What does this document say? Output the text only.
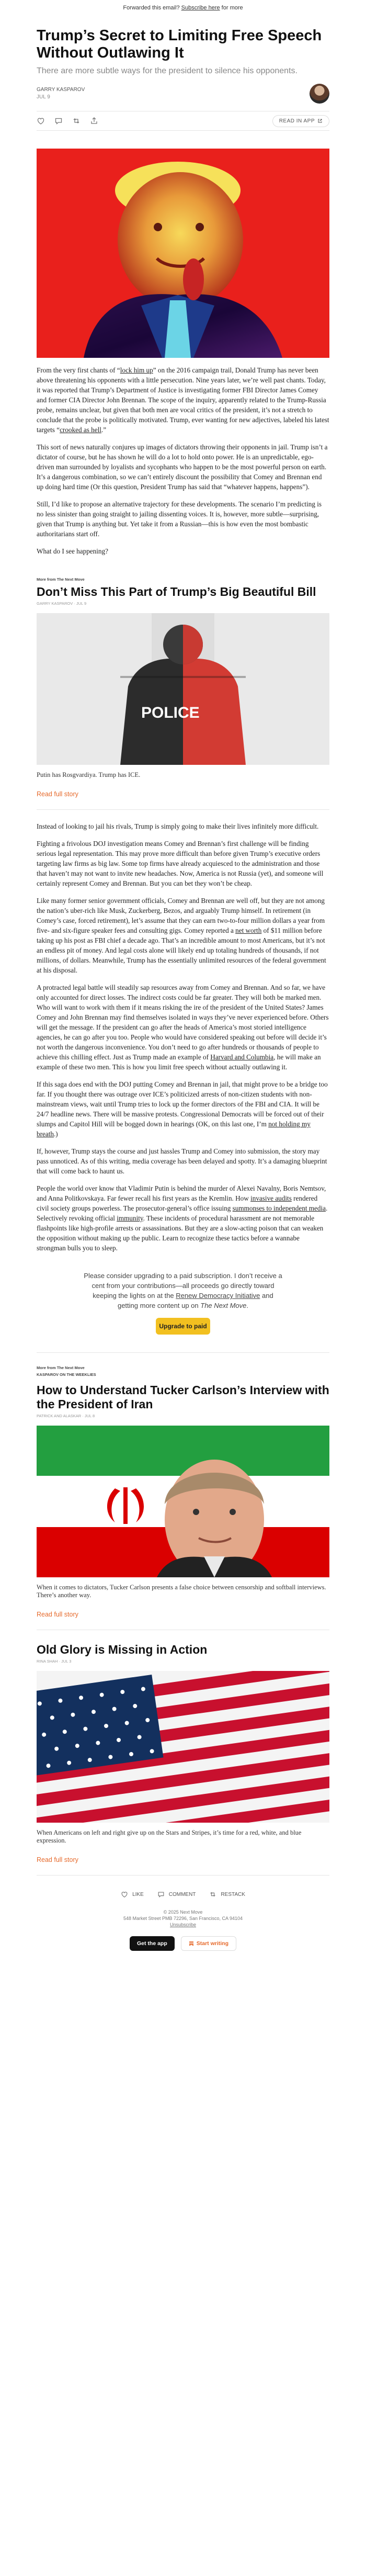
Forwarded this email? Subscribe here for more
Trump’s Secret to Limiting Free Speech Without Outlawing It

There are more subtle ways for the president to silence his opponents.

GARRY KASPAROV
JUL 9
READ IN APP

From the very first chants of “lock him up” on the 2016 campaign trail, Donald Trump has never been above threatening his opponents with a little persecution. Nine years later, we’re well past chants. Today, it was reported that Trump’s Department of Justice is investigating former FBI Director James Comey and former CIA Director John Brennan. The scope of the inquiry, apparently related to the Trump-Russia probe, remains unclear, but given that both men are vocal critics of the president, it’s not a stretch to conclude that the probe is politically motivated. Trump, ever wanting for new adjectives, labeled his latest targets “crooked as hell.”

This sort of news naturally conjures up images of dictators throwing their opponents in jail. Trump isn’t a dictator of course, but he has shown he will do a lot to hold onto power. He is an unpredictable, ego-driven man surrounded by loyalists and sycophants who happen to be the most powerful person on earth. It’s a dangerous combination, so we can’t entirely discount the possibility that Comey and Brennan end up doing hard time (Or this question, President Trump has said that “whatever happens, happens”).

Still, I’d like to propose an alternative trajectory for these developments. The scenario I’m predicting is no less sinister than going straight to jailing dissenting voices. It is, however, more subtle—surprising, given that Trump is anything but. Yet take it from a Russian—this is how even the most bombastic authoritarians start off.

What do I see happening?

More from The Next Move
Don’t Miss This Part of Trump’s Big Beautiful Bill
GARRY KASPAROV · JUL 9
POLICE

Putin has Rosgvardiya. Trump has ICE.

Read full story

Instead of looking to jail his rivals, Trump is simply going to make their lives infinitely more difficult.

Fighting a frivolous DOJ investigation means Comey and Brennan’s first challenge will be finding serious legal representation. This may prove more difficult than before given Trump’s executive orders targeting law firms as big law. Some top firms have already acquiesced to the administration and those that haven’t may not want to invite new headaches. Now, America is not Russia (yet), and someone will certainly represent Comey and Brennan. But you can bet they won’t be cheap.

Like many former senior government officials, Comey and Brennan are well off, but they are not among the nation’s uber-rich like Musk, Zuckerberg, Bezos, and arguably Trump himself. In retirement (in Comey’s case, forced retirement), let’s assume that they can earn two-to-four million dollars a year from five- and six-figure speaker fees and consulting gigs. Comey reported a net worth of $11 million before taking up his post as FBI chief a decade ago. That’s an incredible amount to most Americans, but it’s not an endless pit of money. And legal costs alone will likely end up totaling hundreds of thousands, if not millions, of dollars. Meanwhile, Trump has the essentially unlimited resources of the federal government at his disposal.

A protracted legal battle will steadily sap resources away from Comey and Brennan. And so far, we have only accounted for direct losses. The indirect costs could be far greater. They will both be marked men. Who will want to work with them if it means risking the ire of the president of the United States? James Comey and John Brennan may find themselves isolated in ways they’ve never experienced before. Others will get the message. If the president can go after the heads of America’s most storied intelligence agencies, he can go after you too. People who would have considered speaking out before will decide it’s not worth the dangerous inconvenience. You don’t need to go after hundreds or thousands of people to achieve this chilling effect. Just as Trump made an example of Harvard and Columbia, he will make an example of these two men. This is how you limit free speech without actually outlawing it.

If this saga does end with the DOJ putting Comey and Brennan in jail, that might prove to be a bridge too far. If you thought there was outrage over ICE’s politicized arrests of non-citizen students with non-mainstream views, wait until Trump tries to lock up the former directors of the FBI and CIA. It will be 24/7 headline news. There will be massive protests. Congressional Democrats will be forced out of their slumps and Capitol Hill will be bogged down in hearings (OK, on this last one, I’m not holding my breath.)

If, however, Trump stays the course and just hassles Trump and Comey into submission, the story may pass unnoticed. As of this writing, media coverage has been delayed and spotty. It’s a damaging blueprint that will come back to haunt us.

People the world over know that Vladimir Putin is behind the murder of Alexei Navalny, Boris Nemtsov, and Anna Politkovskaya. Far fewer recall his first years as the Kremlin. How invasive audits rendered civil society groups powerless. The prosecutor-general’s office issuing summonses to independent media. Selectively revoking official immunity. These incidents of procedural harassment are not memorable flashpoints like high-profile arrests or assassinations. But they are a slow-acting poison that can weaken the opposition without making up the public. Learn to recognize these tactics before a wannabe strongman bulls you to sleep.

Please consider upgrading to a paid subscription. I don’t receive a cent from your contributions—all proceeds go directly toward keeping the lights on at the Renew Democracy Initiative and getting more content up on The Next Move.

Upgrade to paid
More from The Next Move
KASPAROV ON THE WEEKLIES
How to Understand Tucker Carlson’s Interview with the President of Iran
PATRICK AND ALASKAR · JUL 8

When it comes to dictators, Tucker Carlson presents a false choice between censorship and softball interviews. There’s another way.

Read full story
Old Glory is Missing in Action
RINA SHAH · JUL 3

When Americans on left and right give up on the Stars and Stripes, it’s time for a red, white, and blue expression.

Read full story
LIKE	COMMENT	RESTACK
© 2025 Next Move
548 Market Street PMB 72296, San Francisco, CA 94104
Unsubscribe
Get the app	Start writing
